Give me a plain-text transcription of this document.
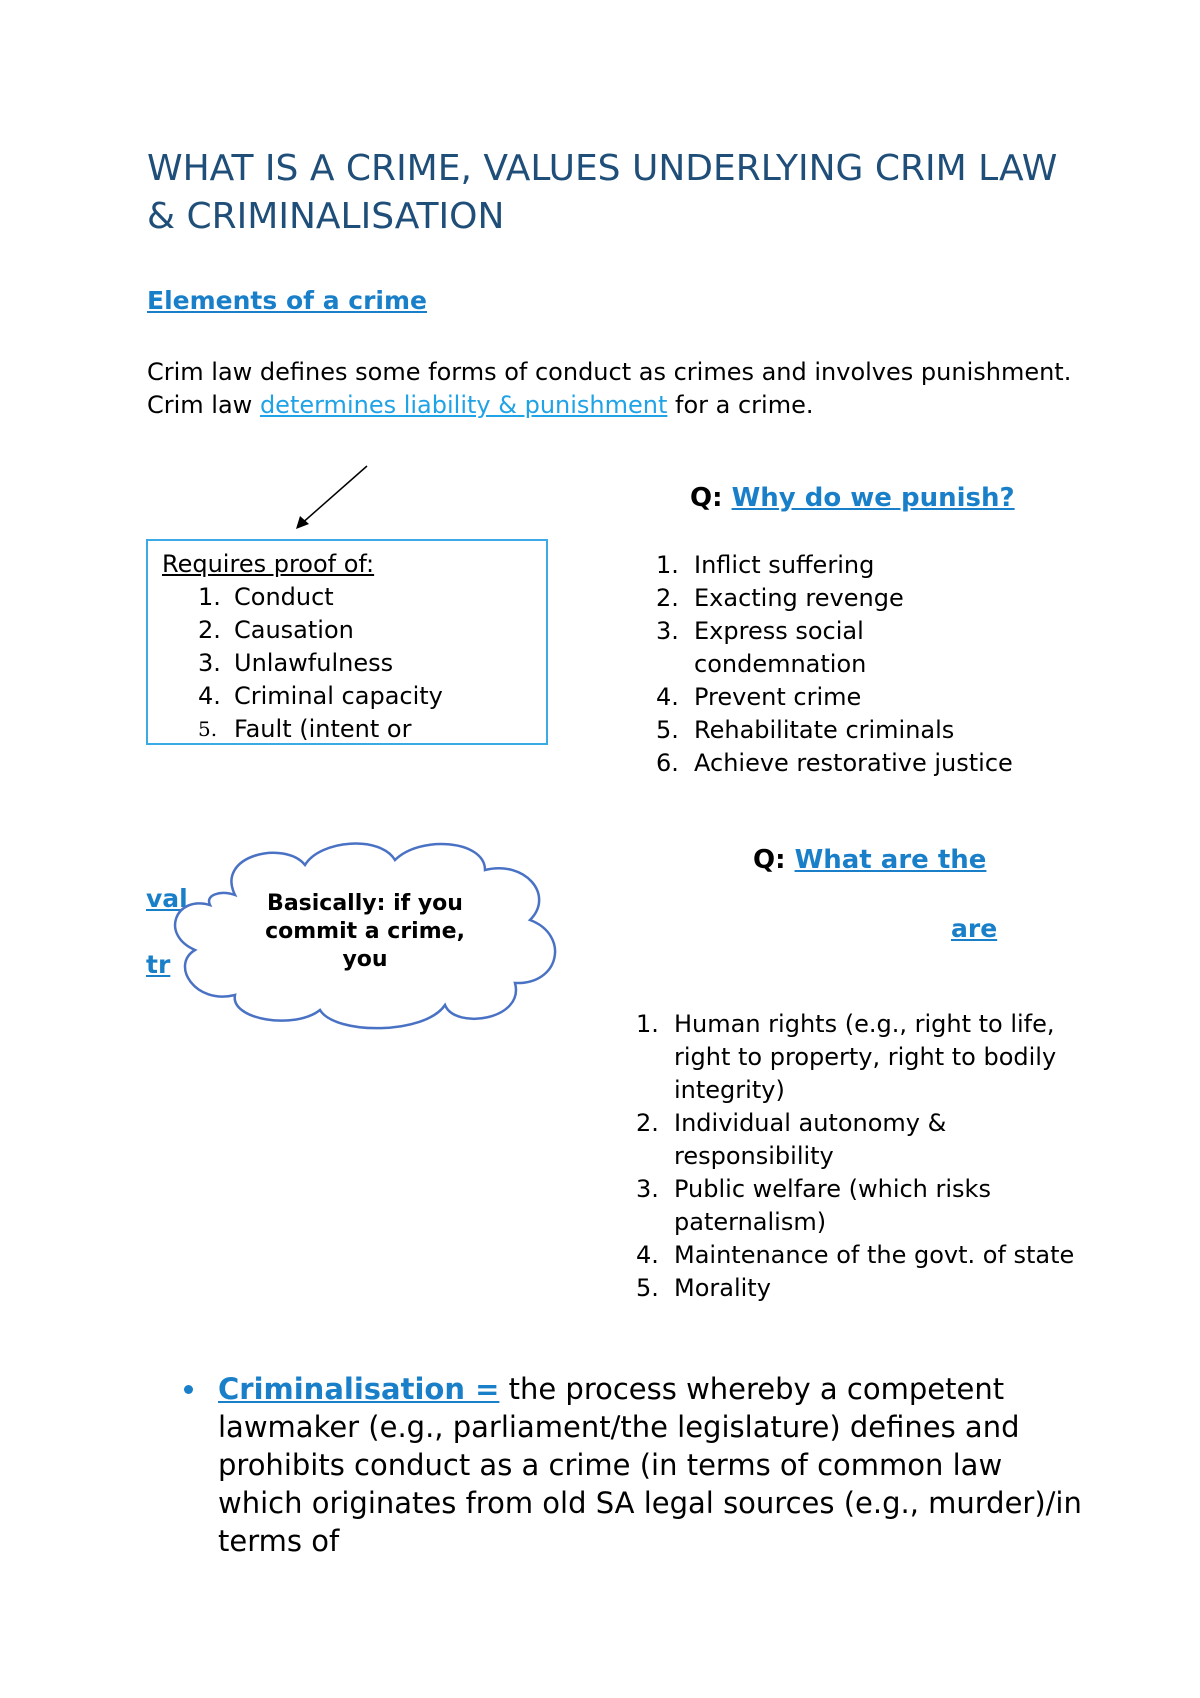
WHAT IS A CRIME, VALUES UNDERLYING CRIM LAW & CRIMINALISATION
Elements of a crime
Crim law defines some forms of conduct as crimes and involves punishment.
Crim law determines liability & punishment for a crime.
Requires proof of:
1. Conduct
2. Causation
3. Unlawfulness
4. Criminal capacity
5. Fault (intent or
Q: Why do we punish?
1. Inflict suffering
2. Exacting revenge
3. Express social condemnation
4. Prevent crime
5. Rehabilitate criminals
6. Achieve restorative justice
Q: What are the
are
val
tr
Basically: if you commit a crime, you
1. Human rights (e.g., right to life, right to property, right to bodily integrity)
2. Individual autonomy & responsibility
3. Public welfare (which risks paternalism)
4. Maintenance of the govt. of state
5. Morality
Criminalisation = the process whereby a competent lawmaker (e.g., parliament/the legislature) defines and prohibits conduct as a crime (in terms of common law which originates from old SA legal sources (e.g., murder)/in terms of
